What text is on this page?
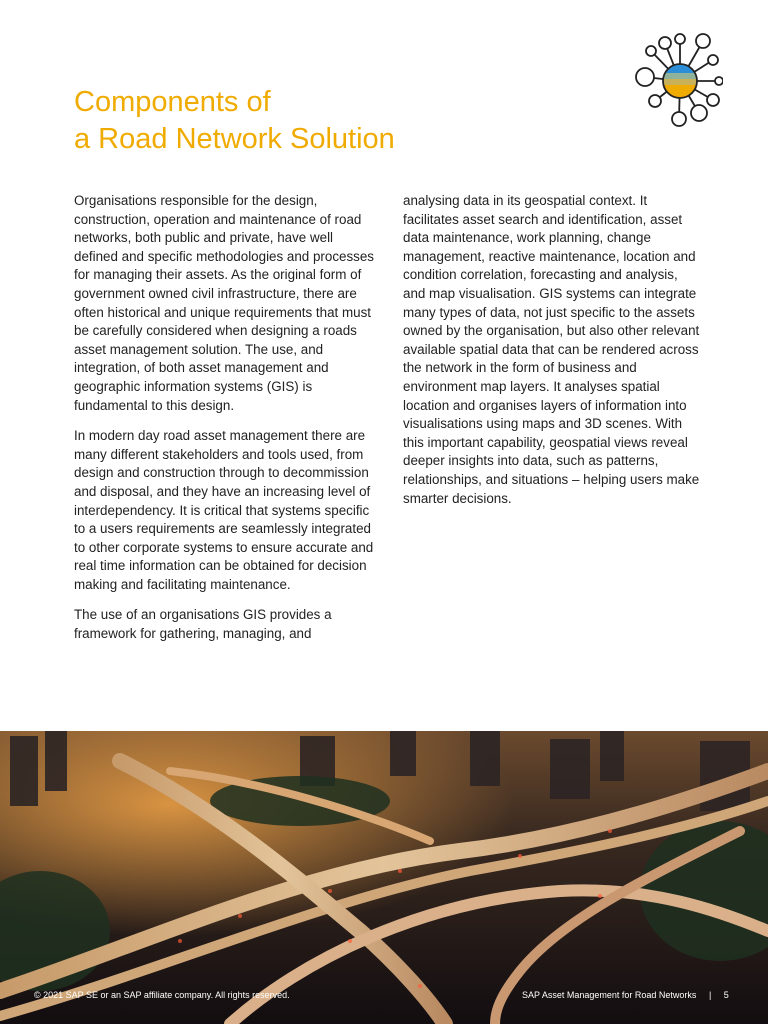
Components of
a Road Network Solution

Organisations responsible for the design, construction, operation and maintenance of road networks, both public and private, have well defined and specific methodologies and processes for managing their assets. As the original form of government owned civil infrastructure, there are often historical and unique requirements that must be carefully considered when designing a roads asset management solution. The use, and integration, of both asset management and geographic information systems (GIS) is fundamental to this design.

In modern day road asset management there are many different stakeholders and tools used, from design and construction through to decommission and disposal, and they have an increasing level of interdependency. It is critical that systems specific to a users requirements are seamlessly integrated to other corporate systems to ensure accurate and real time information can be obtained for decision making and facilitating maintenance.

The use of an organisations GIS provides a framework for gathering, managing, and

analysing data in its geospatial context. It facilitates asset search and identification, asset data maintenance, work planning, change management, reactive maintenance, location and condition correlation, forecasting and analysis, and map visualisation. GIS systems can integrate many types of data, not just specific to the assets owned by the organisation, but also other relevant available spatial data that can be rendered across the network in the form of business and environment map layers. It analyses spatial location and organises layers of information into visualisations using maps and 3D scenes. With this important capability, geospatial views reveal deeper insights into data, such as patterns, relationships, and situations – helping users make smarter decisions.

© 2021 SAP SE or an SAP affiliate company. All rights reserved.	SAP Asset Management for Road Networks | 5
